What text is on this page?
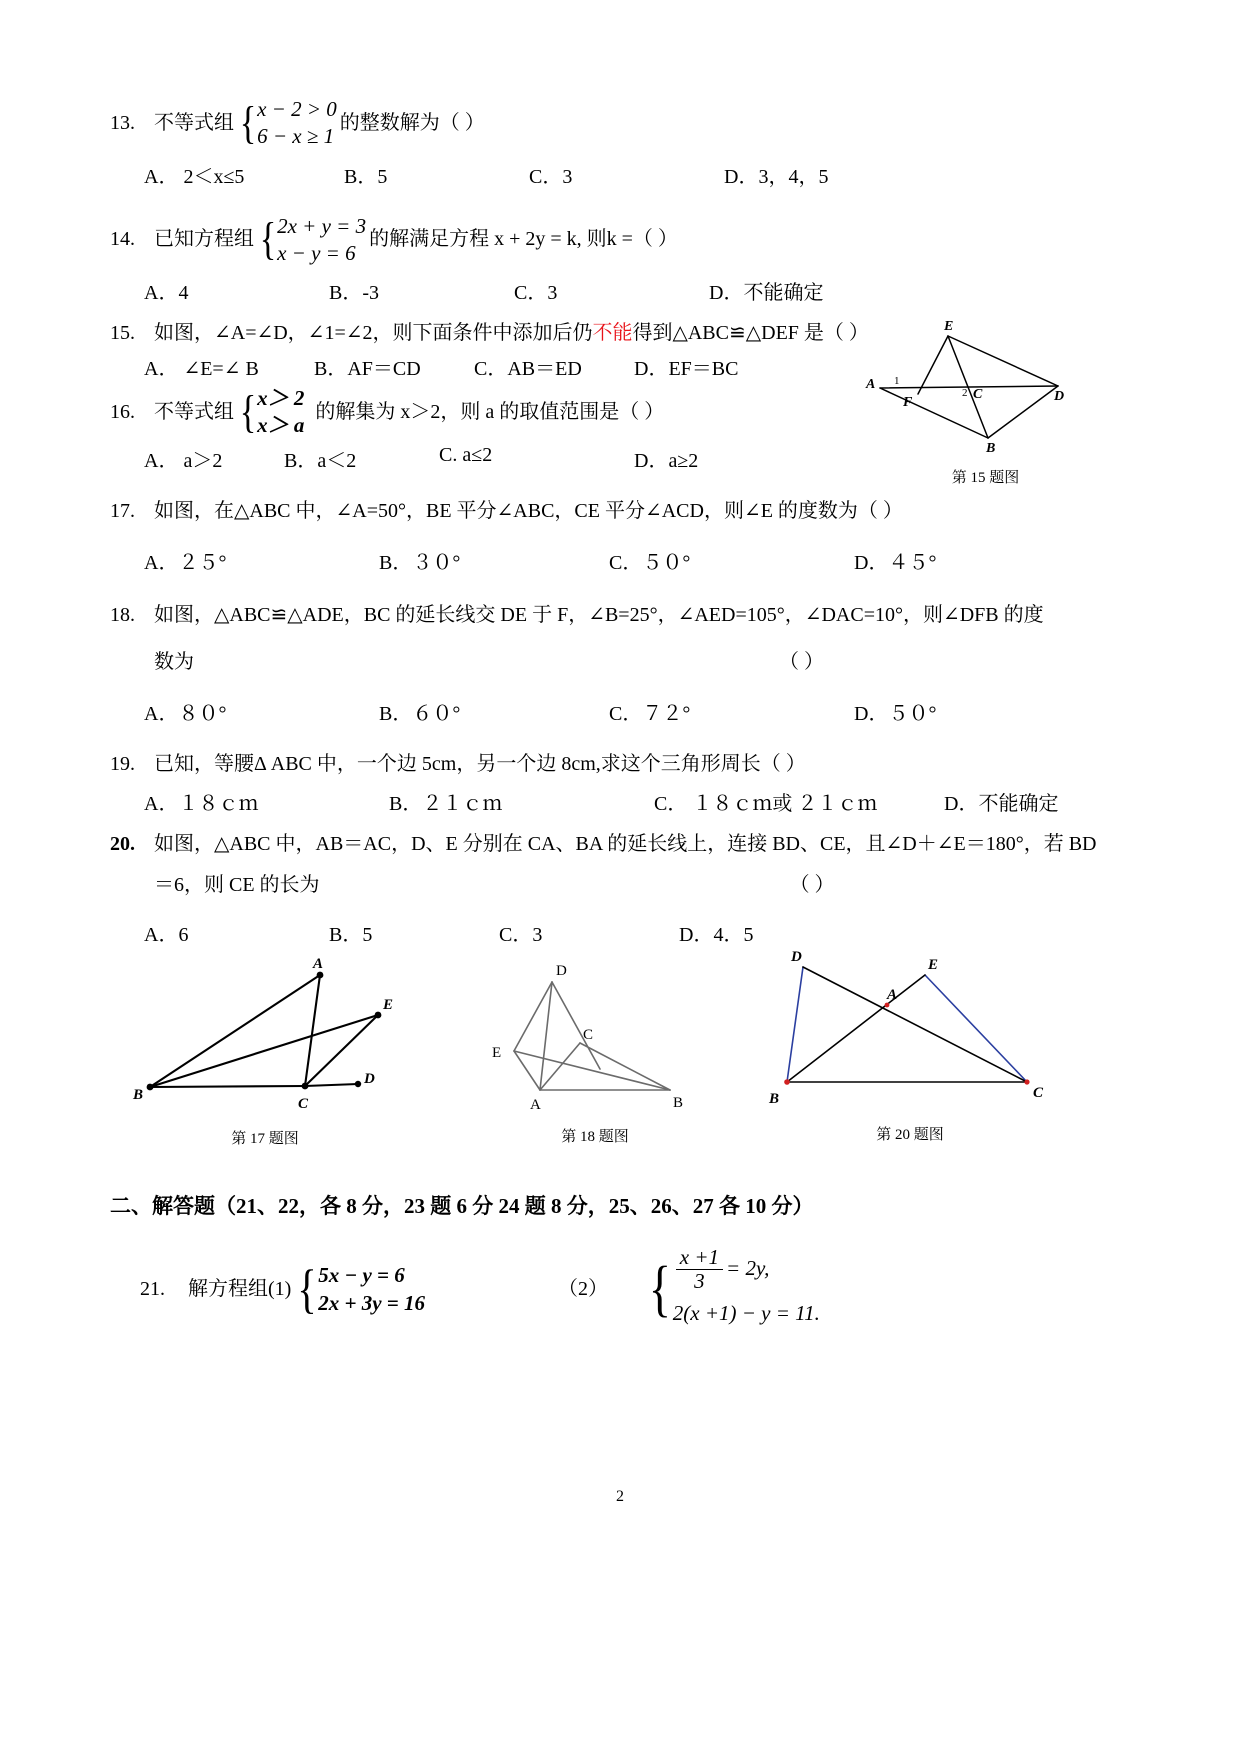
13. 不等式组 { x − 2 > 0
6 − x ≥ 1
的整数解为（ ）
A． 2＜x≤5	B．5	C．3	D．3，4，5
14. 已知方程组 { 2x + y = 3
x − y = 6
的解满足方程 x + 2y = k, 则k =（ ）
A．4	B．-3	C．3	D．不能确定
15. 如图，∠A=∠D，∠1=∠2，则下面条件中添加后仍 不能 得到△ABC≌△DEF 是（ ）
A． ∠E=∠ B	B．AF＝CD	C．AB＝ED	D．EF＝BC
16. 不等式组 { x＞ 2
x＞ a
的解集为 x＞2，则 a 的取值范围是（ ）
A． a＞2	B．a＜2	C. a≤2	D．a≥2
17. 如图，在△ABC 中，∠A=50°，BE 平分∠ABC，CE 平分∠ACD，则∠E 的度数为（ ）
A．２５°	B．３０°	C．５０°	D．４５°
18. 如图，△ABC≌△ADE，BC 的延长线交 DE 于 F，∠B=25°，∠AED=105°，∠DAC=10°，则∠DFB 的度
数为	（ ）
A．８０°	B．６０°	C．７２°	D．５０°
19. 已知，等腰Δ ABC 中，一个边 5cm，另一个边 8cm,求这个三角形周长（ ）
A．１８ｃｍ	B．２１ｃｍ	C． １８ｃｍ或 ２１ｃｍ	D．不能确定
20. 如图，△ABC 中，AB＝AC，D、E 分别在 CA、BA 的延长线上，连接 BD、CE，且∠D＋∠E＝180°，若 BD
＝6，则 CE 的长为	（ ）
A．6	B．5	C．3	D．4．5
A
E
B
C
D
第 17 题图
D
E
C
A	B
第 18 题图
D
A
E
B	C
第 20 题图
二、解答题（21、22，各 8 分，23 题 6 分 24 题 8 分，25、26、27 各 10 分）
21.	解方程组(1) { 5x − y = 6
2x + 3y = 16
（2） { $\frac{x +1}{3} = 2y$,
2(x +1) − y = 11.
E
A
F
C	D
B
1
2
第 15 题图
2
